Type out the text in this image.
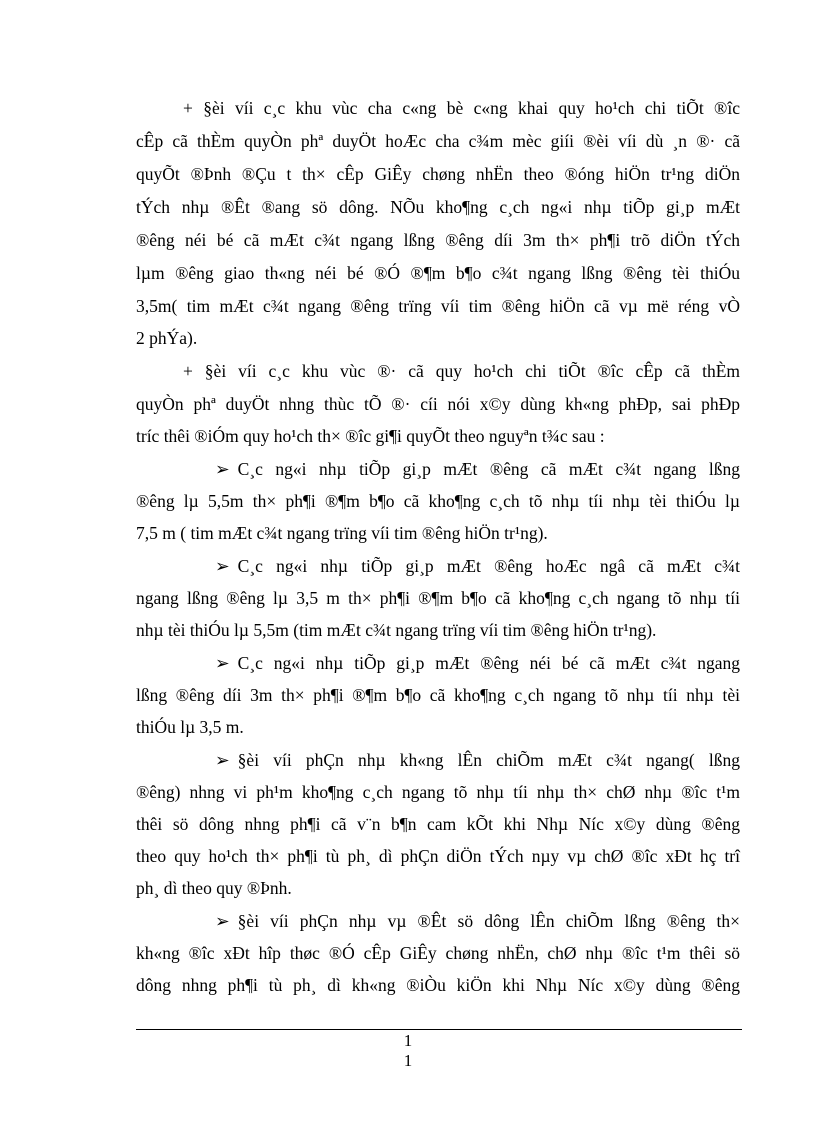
+ §èi víi c¸c khu vùc cha c«ng bè c«ng khai quy ho¹ch chi tiÕt ®îc
cÊp cã thÈm quyÒn phª duyÖt hoÆc cha c¾m mèc giíi ®èi víi dù ¸n ®· cã
quyÕt ®Þnh ®Çu t th× cÊp GiÊy chøng nhËn theo ®óng hiÖn tr¹ng diÖn
tÝch nhµ ®Êt ®ang sö dông. NÕu kho¶ng c¸ch ng«i nhµ tiÕp gi¸p mÆt
®êng néi bé cã mÆt c¾t ngang lßng ®êng díi 3m th× ph¶i trõ diÖn tÝch
lµm ®êng giao th«ng néi bé ®Ó ®¶m b¶o c¾t ngang lßng ®êng tèi thiÓu
3,5m( tim mÆt c¾t ngang ®êng trïng víi tim ®êng hiÖn cã vµ më réng vÒ
2 phÝa).
+ §èi víi c¸c khu vùc ®· cã quy ho¹ch chi tiÕt ®îc cÊp cã thÈm
quyÒn phª duyÖt nhng thùc tÕ ®· cíi nói x©y dùng kh«ng phÐp, sai phÐp
tríc thêi ®iÓm quy ho¹ch th× ®îc gi¶i quyÕt theo nguyªn t¾c sau :
➢ C¸c ng«i nhµ tiÕp gi¸p mÆt ®êng cã mÆt c¾t ngang lßng
®êng lµ 5,5m th× ph¶i ®¶m b¶o cã kho¶ng c¸ch tõ nhµ tíi nhµ tèi thiÓu lµ
7,5 m ( tim mÆt c¾t ngang trïng víi tim ®êng hiÖn tr¹ng).
➢ C¸c ng«i nhµ tiÕp gi¸p mÆt ®êng hoÆc ngâ cã mÆt c¾t
ngang lßng ®êng lµ 3,5 m th× ph¶i ®¶m b¶o cã kho¶ng c¸ch ngang tõ nhµ tíi
nhµ tèi thiÓu lµ 5,5m (tim mÆt c¾t ngang trïng víi tim ®êng hiÖn tr¹ng).
➢ C¸c ng«i nhµ tiÕp gi¸p mÆt ®êng néi bé cã mÆt c¾t ngang
lßng ®êng díi 3m th× ph¶i ®¶m b¶o cã kho¶ng c¸ch ngang tõ nhµ tíi nhµ tèi
thiÓu lµ 3,5 m.
➢ §èi víi phÇn nhµ kh«ng lÊn chiÕm mÆt c¾t ngang( lßng
®êng) nhng vi ph¹m kho¶ng c¸ch ngang tõ nhµ tíi nhµ th× chØ nhµ ®îc t¹m
thêi sö dông nhng ph¶i cã v¨n b¶n cam kÕt khi Nhµ Níc x©y dùng ®êng
theo quy ho¹ch th× ph¶i tù ph¸ dì phÇn diÖn tÝch nµy vµ chØ ®îc xÐt hç trî
ph¸ dì theo quy ®Þnh.
➢ §èi víi phÇn nhµ vµ ®Êt sö dông lÊn chiÕm lßng ®êng th×
kh«ng ®îc xÐt hîp thøc ®Ó cÊp GiÊy chøng nhËn, chØ nhµ ®îc t¹m thêi sö
dông nhng ph¶i tù ph¸ dì kh«ng ®iÒu kiÖn khi Nhµ Níc x©y dùng ®êng
1
1
